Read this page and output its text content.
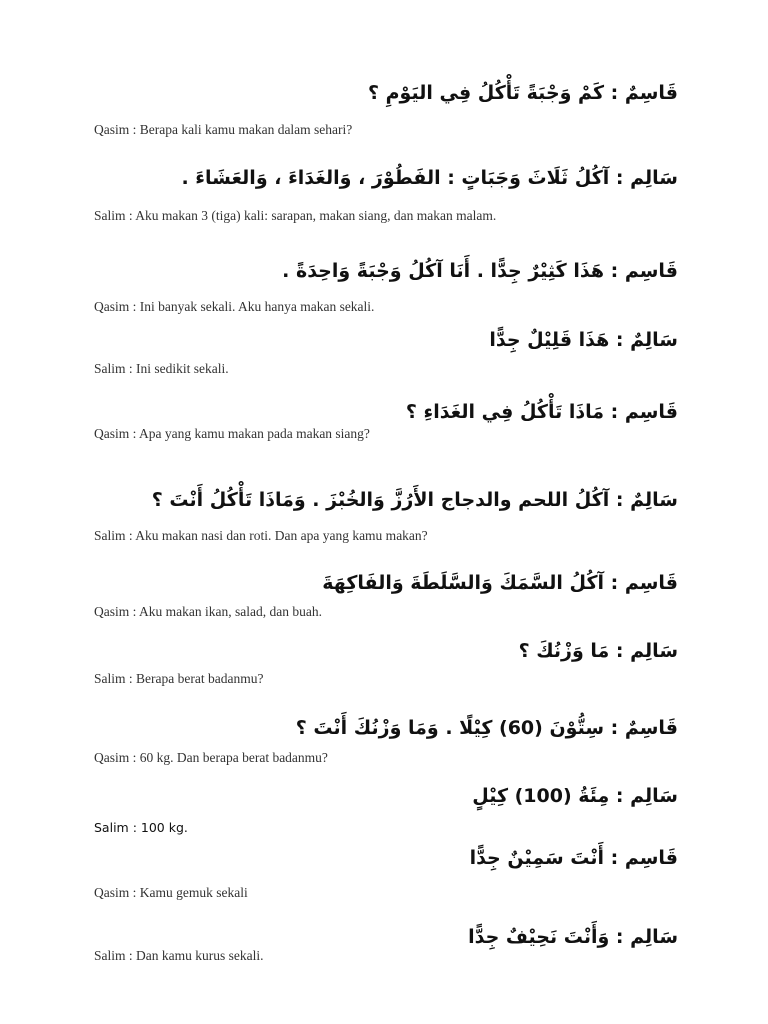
قَاسِمٌ : كَمْ وَجْبَةً تَأْكُلُ فِي اليَوْمِ ؟
Qasim : Berapa kali kamu makan dalam sehari?
سَالِم : آكُلُ ثَلَاثَ وَجَبَاتٍ : الفَطُوْرَ ، وَالغَدَاءَ ، وَالعَشَاءَ .
Salim : Aku makan 3 (tiga) kali: sarapan, makan siang, dan makan malam.
قَاسِم : هَذَا كَثِيْرٌ جِدًّا . أَنَا آكُلُ وَجْبَةً وَاحِدَةً .
Qasim : Ini banyak sekali. Aku hanya makan sekali.
سَالِمٌ : هَذَا قَلِيْلٌ جِدًّا
Salim : Ini sedikit sekali.
قَاسِم : مَاذَا تَأْكُلُ فِي الغَدَاءِ ؟
Qasim : Apa yang kamu makan pada makan siang?
سَالِمٌ : آكُلُ اللحم والدجاج الأَرُزَّ وَالخُبْزَ . وَمَاذَا تَأْكُلُ أَنْتَ ؟
Salim : Aku makan nasi dan roti. Dan apa yang kamu makan?
قَاسِم : آكُلُ السَّمَكَ وَالسَّلَطَةَ وَالفَاكِهَةَ
Qasim : Aku makan ikan, salad, dan buah.
سَالِم : مَا وَزْنُكَ ؟
Salim : Berapa berat badanmu?
قَاسِمٌ : سِتُّوْنَ (60) كِيْلًا . وَمَا وَزْنُكَ أَنْتَ ؟
Qasim : 60 kg. Dan berapa berat badanmu?
سَالِم : مِئَةُ (100) كِيْلٍ
Salim : 100 kg.
قَاسِم : أَنْتَ سَمِيْنٌ جِدًّا
Qasim : Kamu gemuk sekali
سَالِم : وَأَنْتَ نَحِيْفٌ جِدًّا
Salim : Dan kamu kurus sekali.
